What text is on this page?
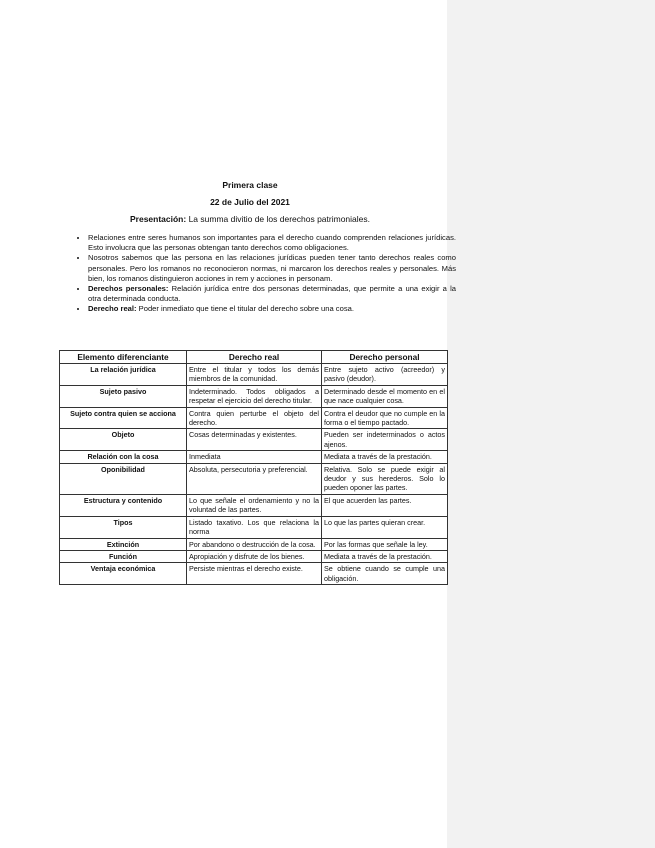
Primera clase
22 de Julio del 2021
Presentación: La summa divitio de los derechos patrimoniales.
• Relaciones entre seres humanos son importantes para el derecho cuando comprenden relaciones jurídicas. Esto involucra que las personas obtengan tanto derechos como obligaciones.
• Nosotros sabemos que las persona en las relaciones jurídicas pueden tener tanto derechos reales como personales. Pero los romanos no reconocieron normas, ni marcaron los derechos reales y personales. Más bien, los romanos distinguieron acciones in rem y acciones in personam.
• Derechos personales: Relación jurídica entre dos personas determinadas, que permite a una exigir a la otra determinada conducta.
• Derecho real: Poder inmediato que tiene el titular del derecho sobre una cosa.
Elemento diferenciante	Derecho real	Derecho personal
La relación jurídica	Entre el titular y todos los demás miembros de la comunidad.	Entre sujeto activo (acreedor) y pasivo (deudor).
Sujeto pasivo	Indeterminado. Todos obligados a respetar el ejercicio del derecho titular.	Determinado desde el momento en el que nace cualquier cosa.
Sujeto contra quien se acciona	Contra quien perturbe el objeto del derecho.	Contra el deudor que no cumple en la forma o el tiempo pactado.
Objeto	Cosas determinadas y existentes.	Pueden ser indeterminados o actos ajenos.
Relación con la cosa	Inmediata	Mediata a través de la prestación.
Oponibilidad	Absoluta, persecutoria y preferencial.	Relativa. Solo se puede exigir al deudor y sus herederos. Solo lo pueden oponer las partes.
Estructura y contenido	Lo que señale el ordenamiento y no la voluntad de las partes.	El que acuerden las partes.
Tipos	Listado taxativo. Los que relaciona la norma	Lo que las partes quieran crear.
Extinción	Por abandono o destrucción de la cosa.	Por las formas que señale la ley.
Función	Apropiación y disfrute de los bienes.	Mediata a través de la prestación.
Ventaja económica	Persiste mientras el derecho existe.	Se obtiene cuando se cumple una obligación.
